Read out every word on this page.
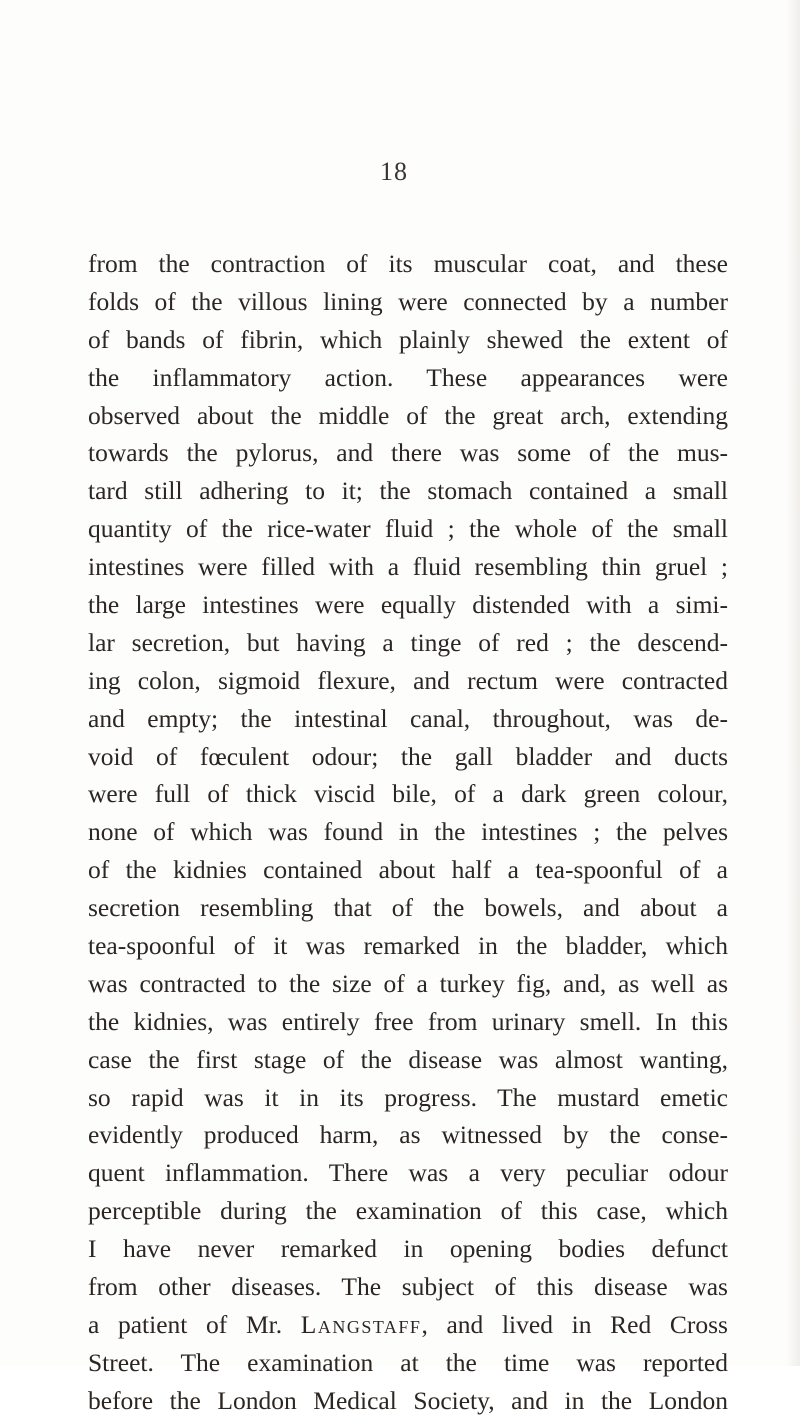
18
from the contraction of its muscular coat, and these
folds of the villous lining were connected by a number
of bands of fibrin, which plainly shewed the extent of
the inflammatory action. These appearances were
observed about the middle of the great arch, extending
towards the pylorus, and there was some of the mus-
tard still adhering to it; the stomach contained a small
quantity of the rice-water fluid ; the whole of the small
intestines were filled with a fluid resembling thin gruel ;
the large intestines were equally distended with a simi-
lar secretion, but having a tinge of red ; the descend-
ing colon, sigmoid flexure, and rectum were contracted
and empty; the intestinal canal, throughout, was de-
void of fœculent odour; the gall bladder and ducts
were full of thick viscid bile, of a dark green colour,
none of which was found in the intestines ; the pelves
of the kidnies contained about half a tea-spoonful of a
secretion resembling that of the bowels, and about a
tea-spoonful of it was remarked in the bladder, which
was contracted to the size of a turkey fig, and, as well as
the kidnies, was entirely free from urinary smell. In this
case the first stage of the disease was almost wanting,
so rapid was it in its progress. The mustard emetic
evidently produced harm, as witnessed by the conse-
quent inflammation. There was a very peculiar odour
perceptible during the examination of this case, which
I have never remarked in opening bodies defunct
from other diseases. The subject of this disease was
a patient of Mr. Langstaff, and lived in Red Cross
Street. The examination at the time was reported
before the London Medical Society, and in the London
